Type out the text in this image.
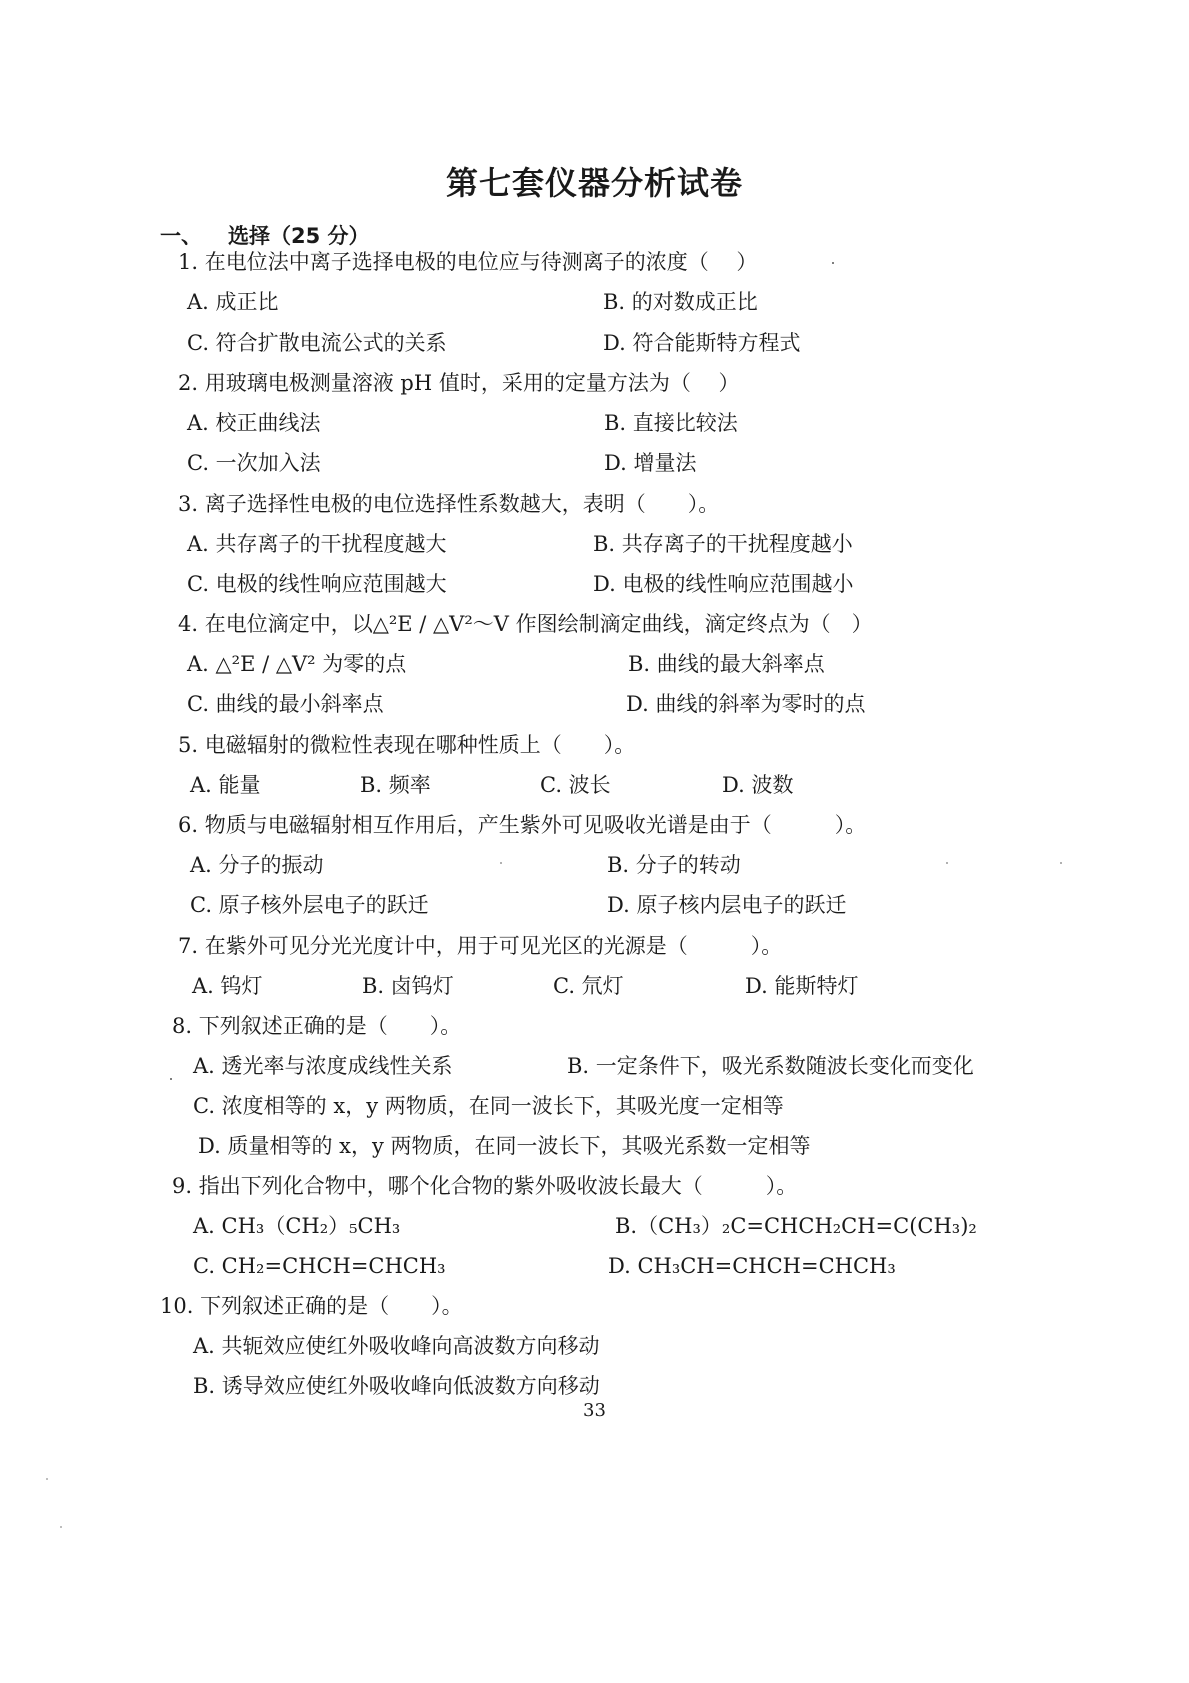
第七套仪器分析试卷
一、 选择（25 分）
1. 在电位法中离子选择电极的电位应与待测离子的浓度（　 ）
A. 成正比	B. 的对数成正比
C. 符合扩散电流公式的关系	D. 符合能斯特方程式
2. 用玻璃电极测量溶液 pH 值时，采用的定量方法为（　 ）
A. 校正曲线法	B. 直接比较法
C. 一次加入法	D. 增量法
3. 离子选择性电极的电位选择性系数越大，表明（　　）。
A. 共存离子的干扰程度越大	B. 共存离子的干扰程度越小
C. 电极的线性响应范围越大	D. 电极的线性响应范围越小
4. 在电位滴定中，以△²E / △V²～V 作图绘制滴定曲线，滴定终点为（　）
A. △²E / △V² 为零的点	B. 曲线的最大斜率点
C. 曲线的最小斜率点	D. 曲线的斜率为零时的点
5. 电磁辐射的微粒性表现在哪种性质上（　　）。
A. 能量	B. 频率	C. 波长	D. 波数
6. 物质与电磁辐射相互作用后，产生紫外可见吸收光谱是由于（　　　）。
A. 分子的振动	B. 分子的转动
C. 原子核外层电子的跃迁	D. 原子核内层电子的跃迁
7. 在紫外可见分光光度计中，用于可见光区的光源是（　　　）。
A. 钨灯	B. 卤钨灯	C. 氘灯	D. 能斯特灯
8. 下列叙述正确的是（　　）。
A. 透光率与浓度成线性关系	B. 一定条件下，吸光系数随波长变化而变化
C. 浓度相等的 x，y 两物质，在同一波长下，其吸光度一定相等
D. 质量相等的 x，y 两物质，在同一波长下，其吸光系数一定相等
9. 指出下列化合物中，哪个化合物的紫外吸收波长最大（　　　）。
A. CH₃（CH₂）₅CH₃	B.（CH₃）₂C=CHCH₂CH=C(CH₃)₂
C. CH₂=CHCH=CHCH₃	D. CH₃CH=CHCH=CHCH₃
10. 下列叙述正确的是（　　）。
A. 共轭效应使红外吸收峰向高波数方向移动
B. 诱导效应使红外吸收峰向低波数方向移动
33
